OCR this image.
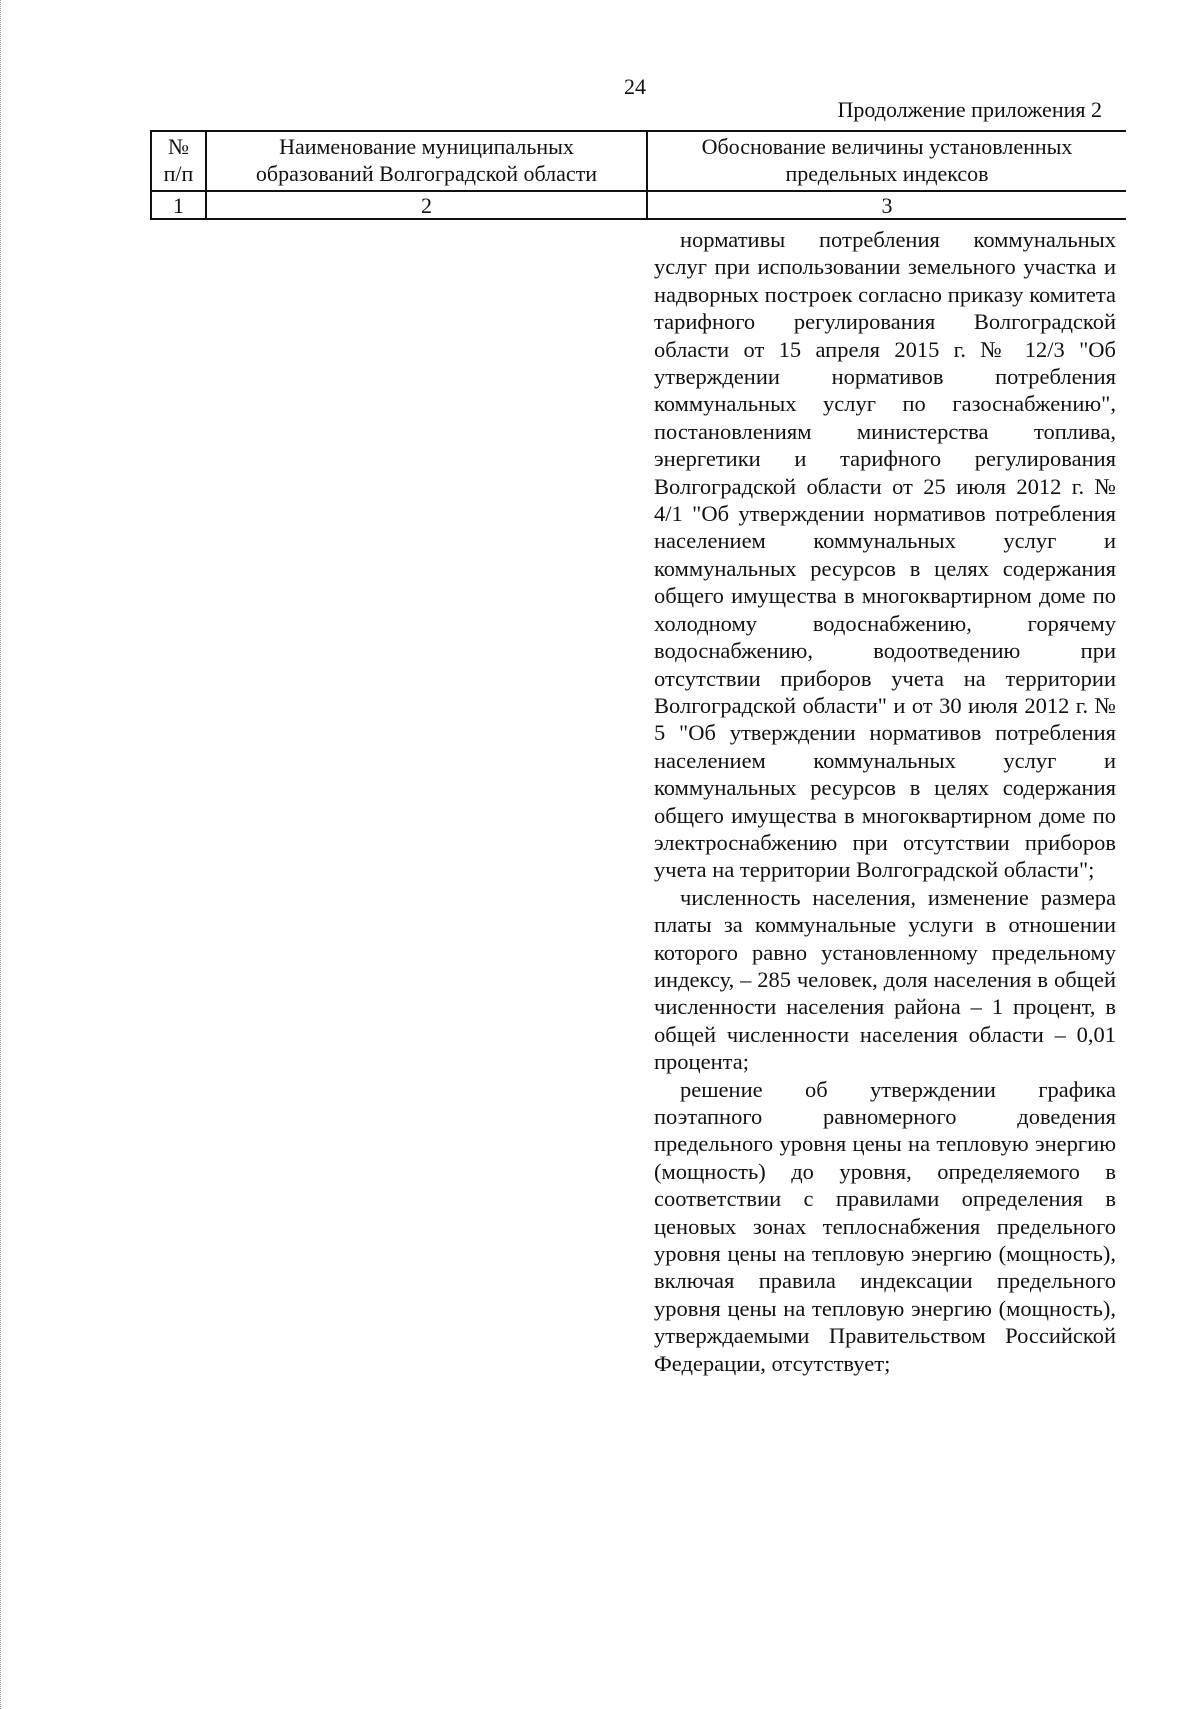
24
Продолжение приложения 2
№
п/п
Наименование муниципальных
образований Волгоградской области
Обоснование величины установленных
предельных индексов
1	2	3

нормативы потребления коммунальных услуг при использовании земельного участка и надворных построек согласно приказу комитета тарифного регулирования Волгоградской области от 15 апреля 2015 г. № 12/3 "Об утверждении нормативов потребления коммунальных услуг по газоснабжению", постановлениям министерства топлива, энергетики и тарифного регулирования Волгоградской области от 25 июля 2012 г. № 4/1 "Об утверждении нормативов потребления населением коммунальных услуг и коммунальных ресурсов в целях содержания общего имущества в многоквартирном доме по холодному водоснабжению, горячему водоснабжению, водоотведению при отсутствии приборов учета на территории Волгоградской области" и от 30 июля 2012 г. № 5 "Об утверждении нормативов потребления населением коммунальных услуг и коммунальных ресурсов в целях содержания общего имущества в многоквартирном доме по электроснабжению при отсутствии приборов учета на территории Волгоградской области";

численность населения, изменение размера платы за коммунальные услуги в отношении которого равно установленному предельному индексу, – 285 человек, доля населения в общей численности населения района – 1 процент, в общей численности населения области – 0,01 процента;

решение об утверждении графика поэтапного равномерного доведения предельного уровня цены на тепловую энергию (мощность) до уровня, определяемого в соответствии с правилами определения в ценовых зонах теплоснабжения предельного уровня цены на тепловую энергию (мощность), включая правила индексации предельного уровня цены на тепловую энергию (мощность), утверждаемыми Правительством Российской Федерации, отсутствует;
